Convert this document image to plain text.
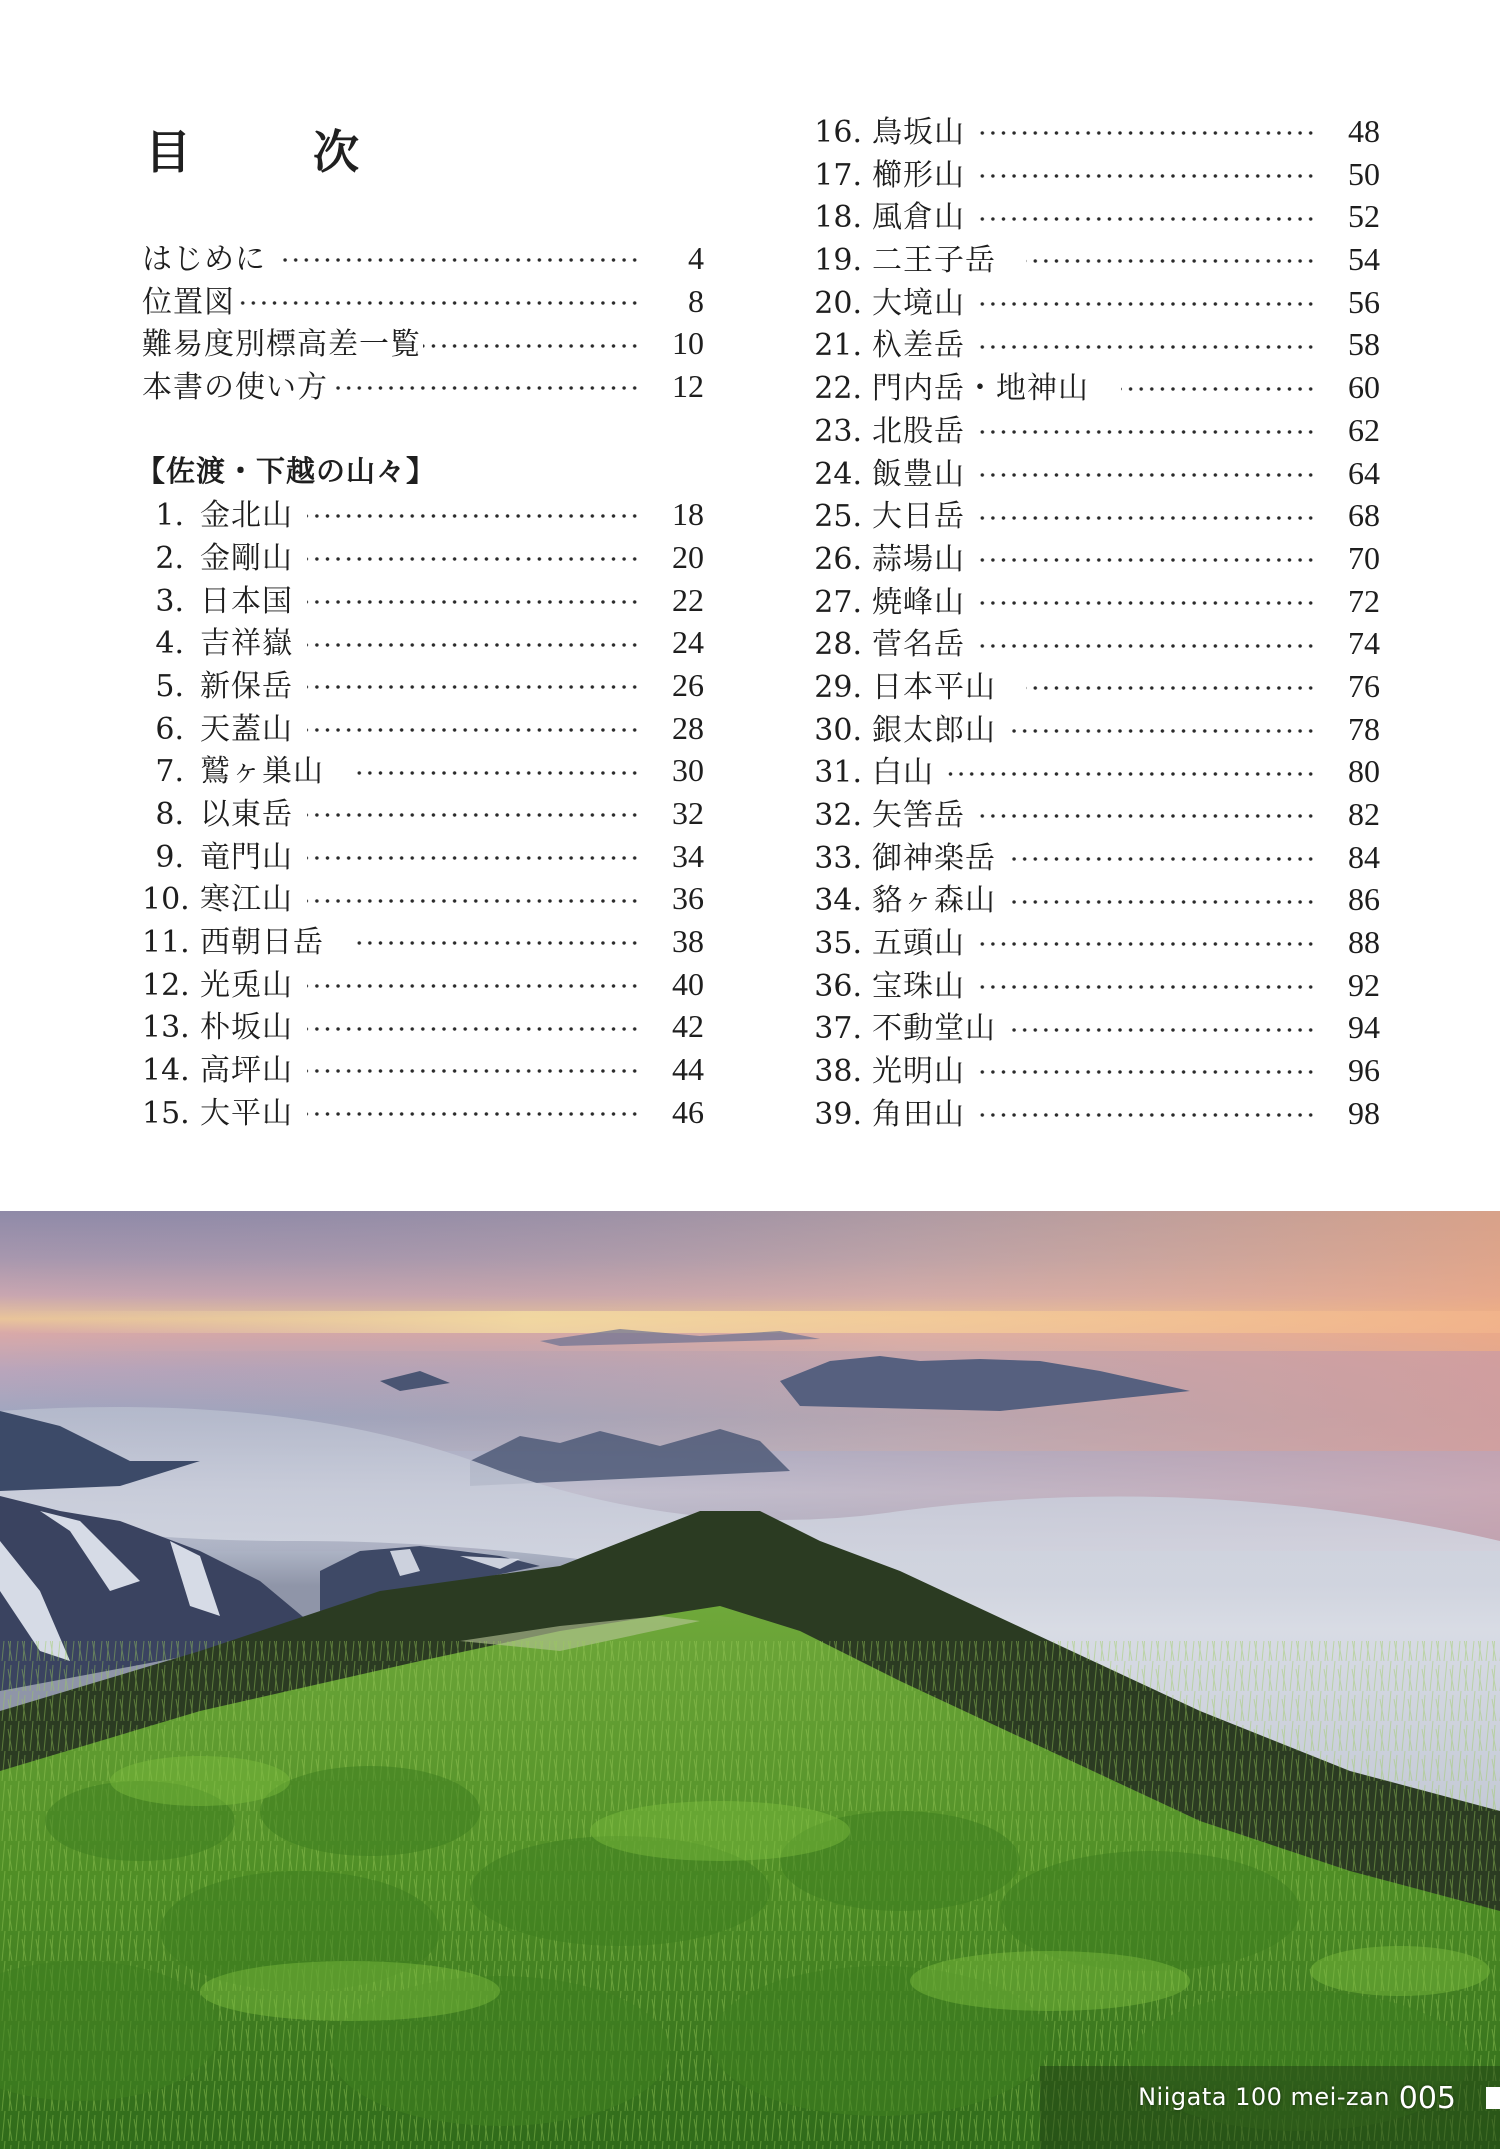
目　次
はじめに	4
位置図	8
難易度別標高差一覧	10
本書の使い方	12
【佐渡・下越の山々】
1. 金北山	18
2. 金剛山	20
3. 日本国	22
4. 吉祥嶽	24
5. 新保岳	26
6. 天蓋山	28
7. 鷲ヶ巣山	30
8. 以東岳	32
9. 竜門山	34
10. 寒江山	36
11. 西朝日岳	38
12. 光兎山	40
13. 朴坂山	42
14. 高坪山	44
15. 大平山	46
16. 鳥坂山	48
17. 櫛形山	50
18. 風倉山	52
19. 二王子岳	54
20. 大境山	56
21. 杁差岳	58
22. 門内岳・地神山	60
23. 北股岳	62
24. 飯豊山	64
25. 大日岳	68
26. 蒜場山	70
27. 焼峰山	72
28. 菅名岳	74
29. 日本平山	76
30. 銀太郎山	78
31. 白山	80
32. 矢筈岳	82
33. 御神楽岳	84
34. 貉ヶ森山	86
35. 五頭山	88
36. 宝珠山	92
37. 不動堂山	94
38. 光明山	96
39. 角田山	98
Niigata 100 mei-zan 005
